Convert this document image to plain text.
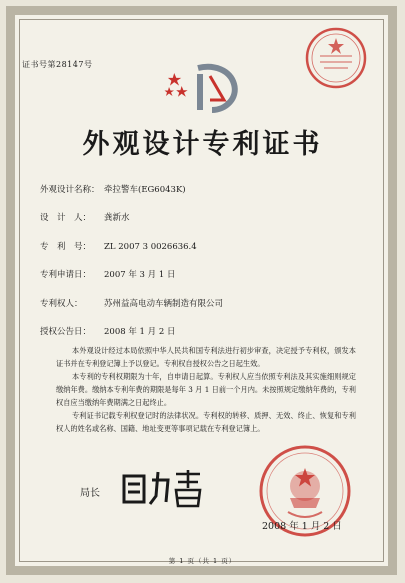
证书号第28147号
外观设计专利证书
外观设计名称： 牵拉警车(EG6043K)
设　计　人： 龚新水
专　利　号： ZL 2007 3 0026636.4
专利申请日： 2007 年 3 月 1 日
专利权人：	苏州益高电动车辆制造有限公司
授权公告日： 2008 年 1 月 2 日

本外观设计经过本局依照中华人民共和国专利法进行初步审查，决定授予专利权，颁发本证书并在专利登记簿上予以登记。专利权自授权公告之日起生效。

本专利的专利权期限为十年，自申请日起算。专利权人应当依照专利法及其实施细则规定缴纳年费。缴纳本专利年费的期限是每年 3 月 1 日前一个月内。未按照规定缴纳年费的，专利权自应当缴纳年费期满之日起终止。

专利证书记载专利权登记时的法律状况。专利权的转移、质押、无效、终止、恢复和专利权人的姓名或名称、国籍、地址变更等事项记载在专利登记簿上。

局长
2008 年 1 月 2 日
第 1 页（共 1 页）
